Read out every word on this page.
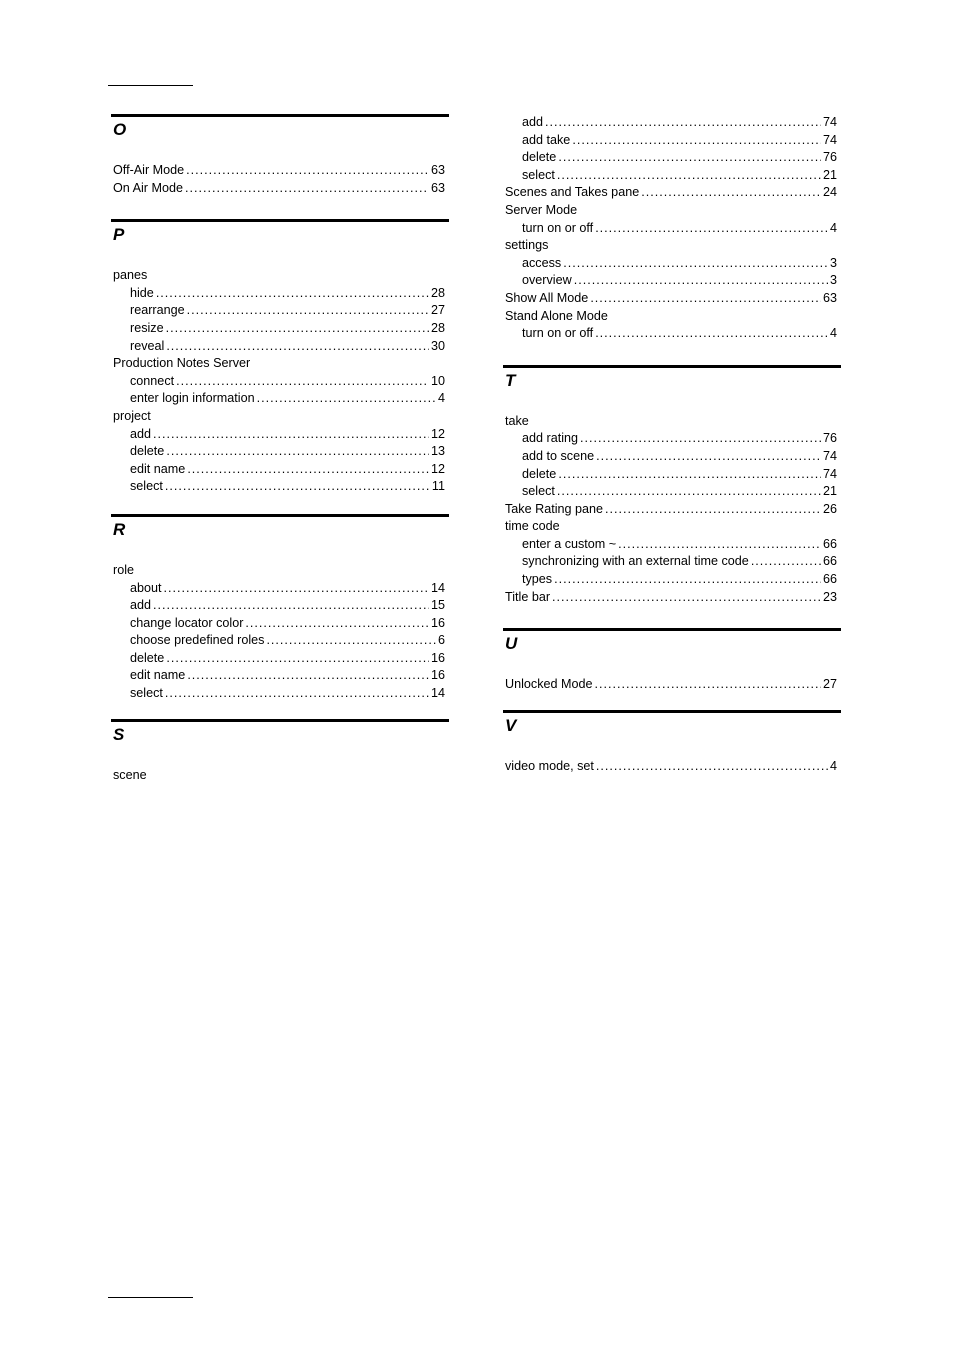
O
Off-Air Mode .....	63
On Air Mode .....	63
P
panes
hide .....	28
rearrange .....	27
resize .....	28
reveal .....	30
Production Notes Server
connect .....	10
enter login information .....	4
project
add .....	12
delete .....	13
edit name .....	12
select .....	11
R
role
about .....	14
add .....	15
change locator color .....	16
choose predefined roles .....	6
delete .....	16
edit name .....	16
select .....	14
S
scene
add .....	74
add take .....	74
delete .....	76
select .....	21
Scenes and Takes pane .....	24
Server Mode
turn on or off .....	4
settings
access .....	3
overview .....	3
Show All Mode .....	63
Stand Alone Mode
turn on or off .....	4
T
take
add rating .....	76
add to scene .....	74
delete .....	74
select .....	21
Take Rating pane .....	26
time code
enter a custom ~ .....	66
synchronizing with an external time code .....	66
types .....	66
Title bar .....	23
U
Unlocked Mode .....	27
V
video mode, set .....	4
